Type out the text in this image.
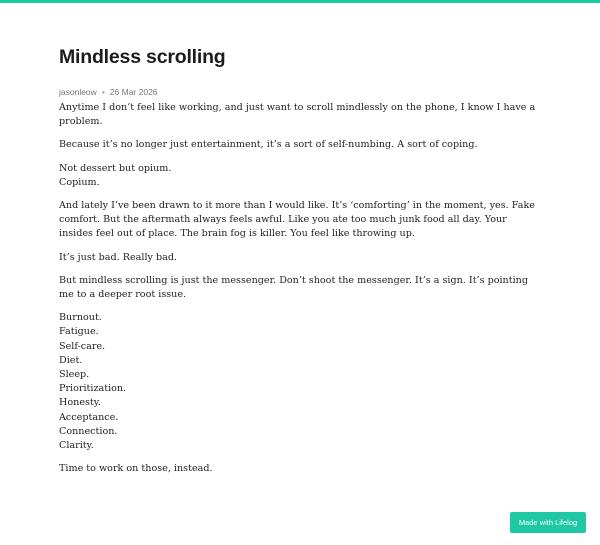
Mindless scrolling
jasonleow • 26 Mar 2026

Anytime I don’t feel like working, and just want to scroll mindlessly on the phone, I know I have a problem.

Because it’s no longer just entertainment, it’s a sort of self-numbing. A sort of coping.

Not dessert but opium.
Copium.

And lately I’ve been drawn to it more than I would like. It’s ‘comforting’ in the moment, yes. Fake comfort. But the aftermath always feels awful. Like you ate too much junk food all day. Your insides feel out of place. The brain fog is killer. You feel like throwing up.

It’s just bad. Really bad.

But mindless scrolling is just the messenger. Don’t shoot the messenger. It’s a sign. It’s pointing me to a deeper root issue.

Burnout.
Fatigue.
Self-care.
Diet.
Sleep.
Prioritization.
Honesty.
Acceptance.
Connection.
Clarity.

Time to work on those, instead.

Made with Lifelog
